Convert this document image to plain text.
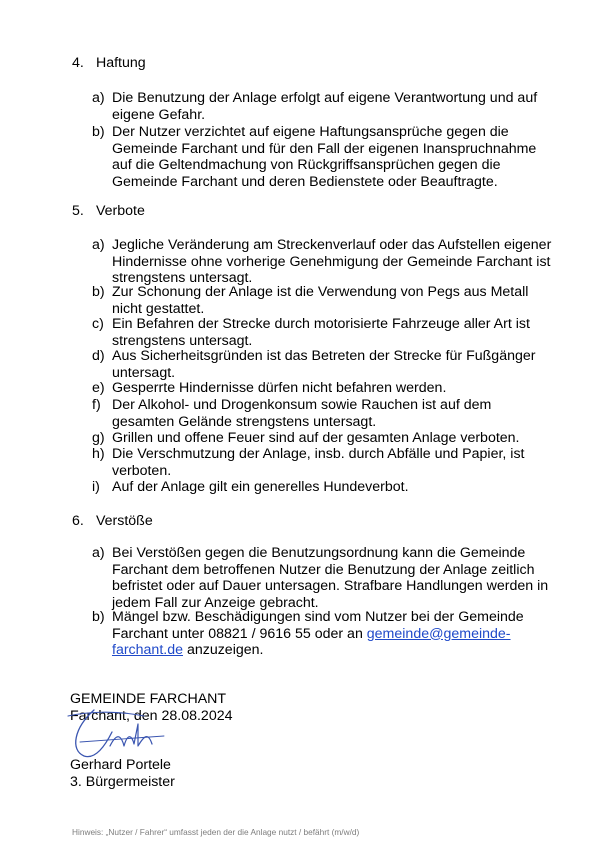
4. Haftung
a) Die Benutzung der Anlage erfolgt auf eigene Verantwortung und auf
eigene Gefahr.
b) Der Nutzer verzichtet auf eigene Haftungsansprüche gegen die
Gemeinde Farchant und für den Fall der eigenen Inanspruchnahme
auf die Geltendmachung von Rückgriffsansprüchen gegen die
Gemeinde Farchant und deren Bedienstete oder Beauftragte.
5. Verbote
a) Jegliche Veränderung am Streckenverlauf oder das Aufstellen eigener
Hindernisse ohne vorherige Genehmigung der Gemeinde Farchant ist
strengstens untersagt.
b) Zur Schonung der Anlage ist die Verwendung von Pegs aus Metall
nicht gestattet.
c) Ein Befahren der Strecke durch motorisierte Fahrzeuge aller Art ist
strengstens untersagt.
d) Aus Sicherheitsgründen ist das Betreten der Strecke für Fußgänger
untersagt.
e) Gesperrte Hindernisse dürfen nicht befahren werden.
f) Der Alkohol- und Drogenkonsum sowie Rauchen ist auf dem
gesamten Gelände strengstens untersagt.
g) Grillen und offene Feuer sind auf der gesamten Anlage verboten.
h) Die Verschmutzung der Anlage, insb. durch Abfälle und Papier, ist
verboten.
i) Auf der Anlage gilt ein generelles Hundeverbot.
6. Verstöße
a) Bei Verstößen gegen die Benutzungsordnung kann die Gemeinde
Farchant dem betroffenen Nutzer die Benutzung der Anlage zeitlich
befristet oder auf Dauer untersagen. Strafbare Handlungen werden in
jedem Fall zur Anzeige gebracht.
b) Mängel bzw. Beschädigungen sind vom Nutzer bei der Gemeinde
Farchant unter 08821 / 9616 55 oder an gemeinde@gemeinde-
farchant.de anzuzeigen.
GEMEINDE FARCHANT
Farchant, den 28.08.2024
Gerhard Portele
3. Bürgermeister
Hinweis: „Nutzer / Fahrer“ umfasst jeden der die Anlage nutzt / befährt (m/w/d)
